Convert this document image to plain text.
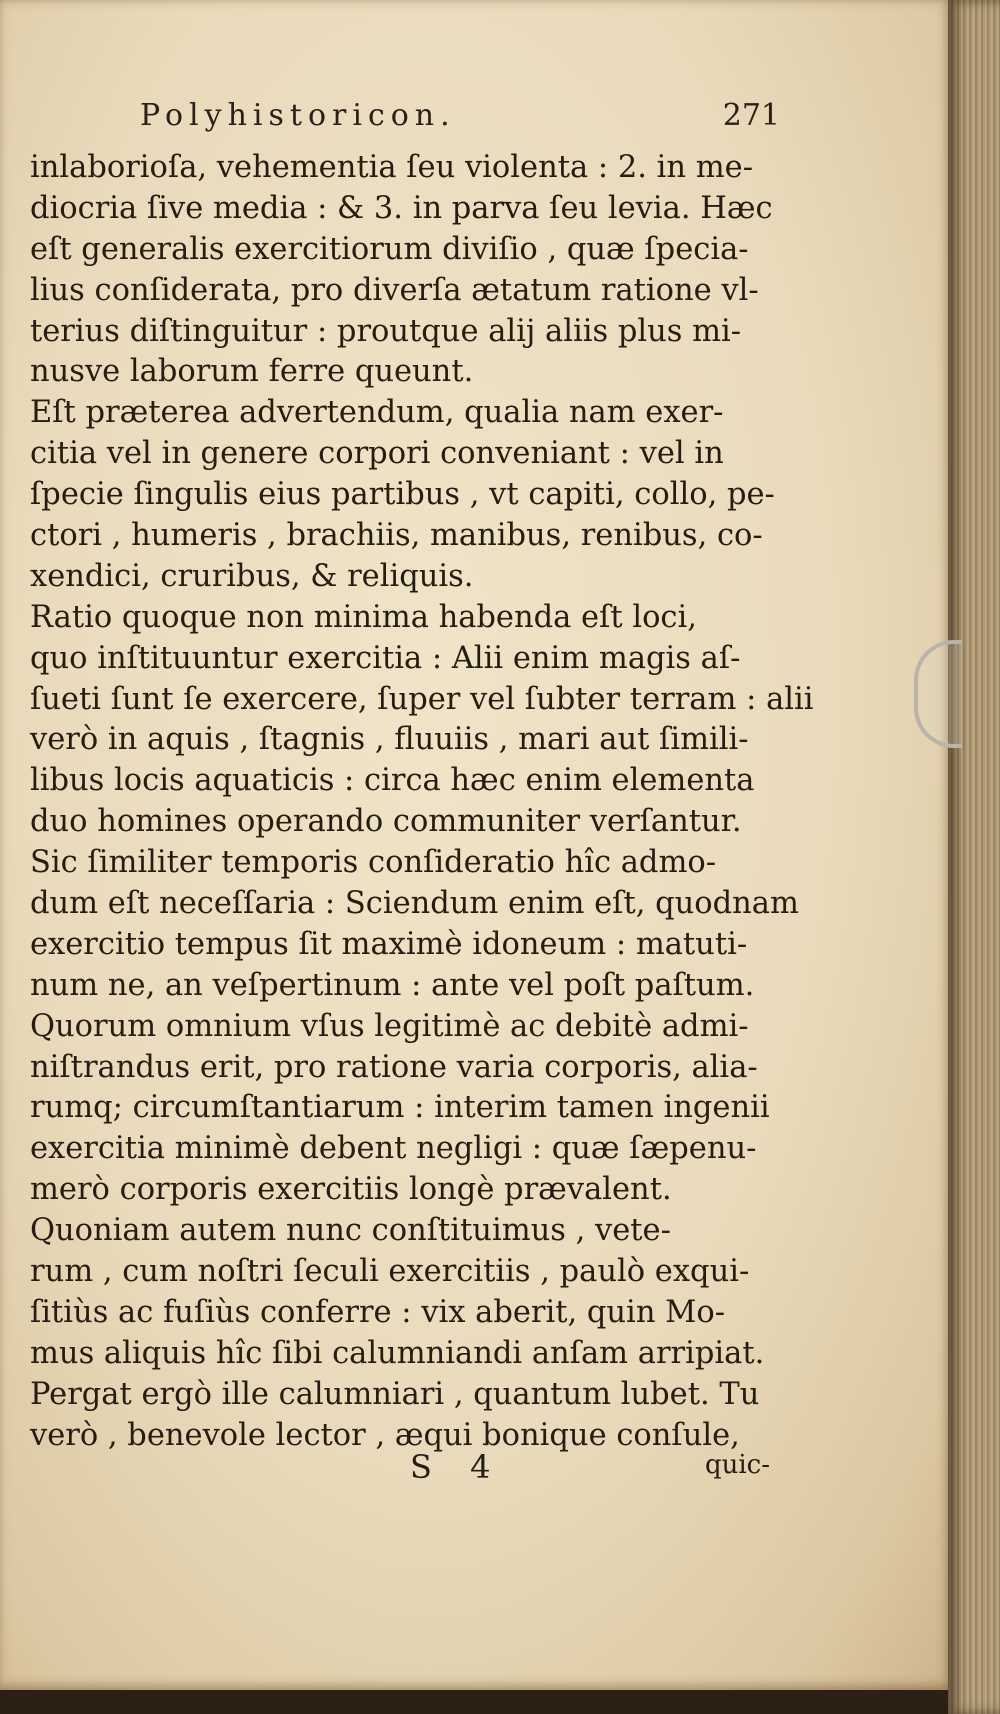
Polyhistoricon.	271
inlaborioſa, vehementia ſeu violenta : 2. in me-
diocria ſive media : & 3. in parva ſeu levia. Hæc
eſt generalis exercitiorum diviſio , quæ ſpecia-
lius conſiderata, pro diverſa ætatum ratione vl-
terius diſtinguitur : proutque alij aliis plus mi-
nusve laborum ferre queunt.
Eſt præterea advertendum, qualia nam exer-
citia vel in genere corpori conveniant : vel in
ſpecie ſingulis eius partibus , vt capiti, collo, pe-
ctori , humeris , brachiis, manibus, renibus, co-
xendici, cruribus, & reliquis.
Ratio quoque non minima habenda eſt loci,
quo inſtituuntur exercitia : Alii enim magis aſ-
ſueti ſunt ſe exercere, ſuper vel ſubter terram : alii
verò in aquis , ſtagnis , fluuiis , mari aut ſimili-
libus locis aquaticis : circa hæc enim elementa
duo homines operando communiter verſantur.
Sic ſimiliter temporis conſideratio hîc admo-
dum eſt neceſſaria : Sciendum enim eſt, quodnam
exercitio tempus ſit maximè idoneum : matuti-
num ne, an veſpertinum : ante vel poſt paſtum.
Quorum omnium vſus legitimè ac debitè admi-
niſtrandus erit, pro ratione varia corporis, alia-
rumq; circumſtantiarum : interim tamen ingenii
exercitia minimè debent negligi : quæ ſæpenu-
merò corporis exercitiis longè prævalent.
Quoniam autem nunc conſtituimus , vete-
rum , cum noſtri ſeculi exercitiis , paulò exqui-
ſitiùs ac fuſiùs conferre : vix aberit, quin Mo-
mus aliquis hîc ſibi calumniandi anſam arripiat.
Pergat ergò ille calumniari , quantum lubet. Tu
verò , benevole lector , æqui bonique conſule,
S 4	quic-
